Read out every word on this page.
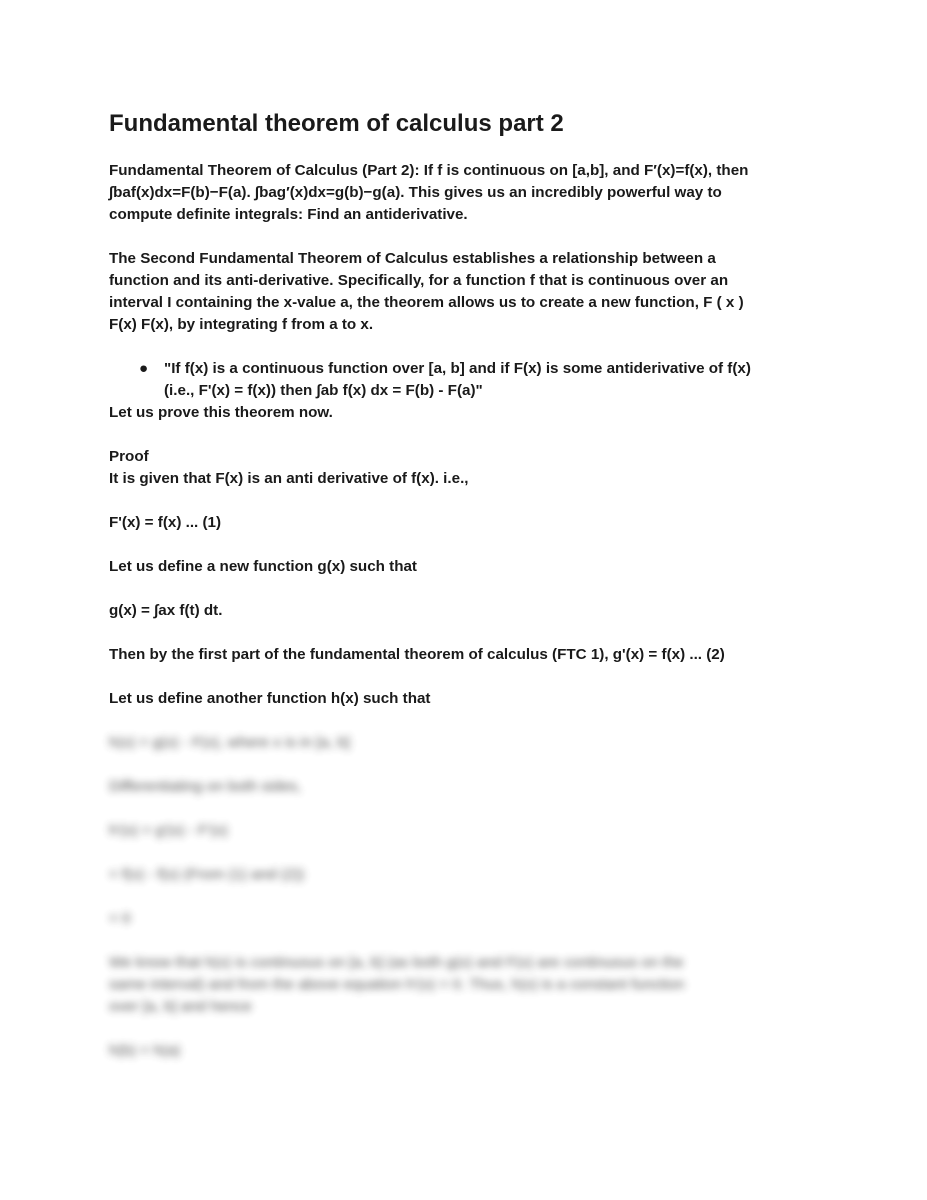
Fundamental theorem of calculus part 2

Fundamental Theorem of Calculus (Part 2): If f is continuous on [a,b], and F′(x)=f(x), then

∫baf(x)dx=F(b)−F(a). ∫bag′(x)dx=g(b)−g(a). This gives us an incredibly powerful way to

compute definite integrals: Find an antiderivative.

The Second Fundamental Theorem of Calculus establishes a relationship between a

function and its anti-derivative. Specifically, for a function f that is continuous over an

interval I containing the x-value a, the theorem allows us to create a new function, F ( x )

F(x) F(x), by integrating f from a to x.

● "If f(x) is a continuous function over [a, b] and if F(x) is some antiderivative of f(x)

(i.e., F'(x) = f(x)) then ∫ab f(x) dx = F(b) - F(a)"

Let us prove this theorem now.

Proof

It is given that F(x) is an anti derivative of f(x). i.e.,

F'(x) = f(x) ... (1)

Let us define a new function g(x) such that

g(x) = ∫ax f(t) dt.

Then by the first part of the fundamental theorem of calculus (FTC 1), g'(x) = f(x) ... (2)

Let us define another function h(x) such that

h(x) = g(x) - F(x), where x is in [a, b]

Differentiating on both sides,

h'(x) = g'(x) - F'(x)

= f(x) - f(x) (From (1) and (2))

= 0

We know that h(x) is continuous on [a, b] (as both g(x) and F(x) are continuous on the

same interval) and from the above equation h'(x) = 0. Thus, h(x) is a constant function

over [a, b] and hence

h(b) = h(a)
